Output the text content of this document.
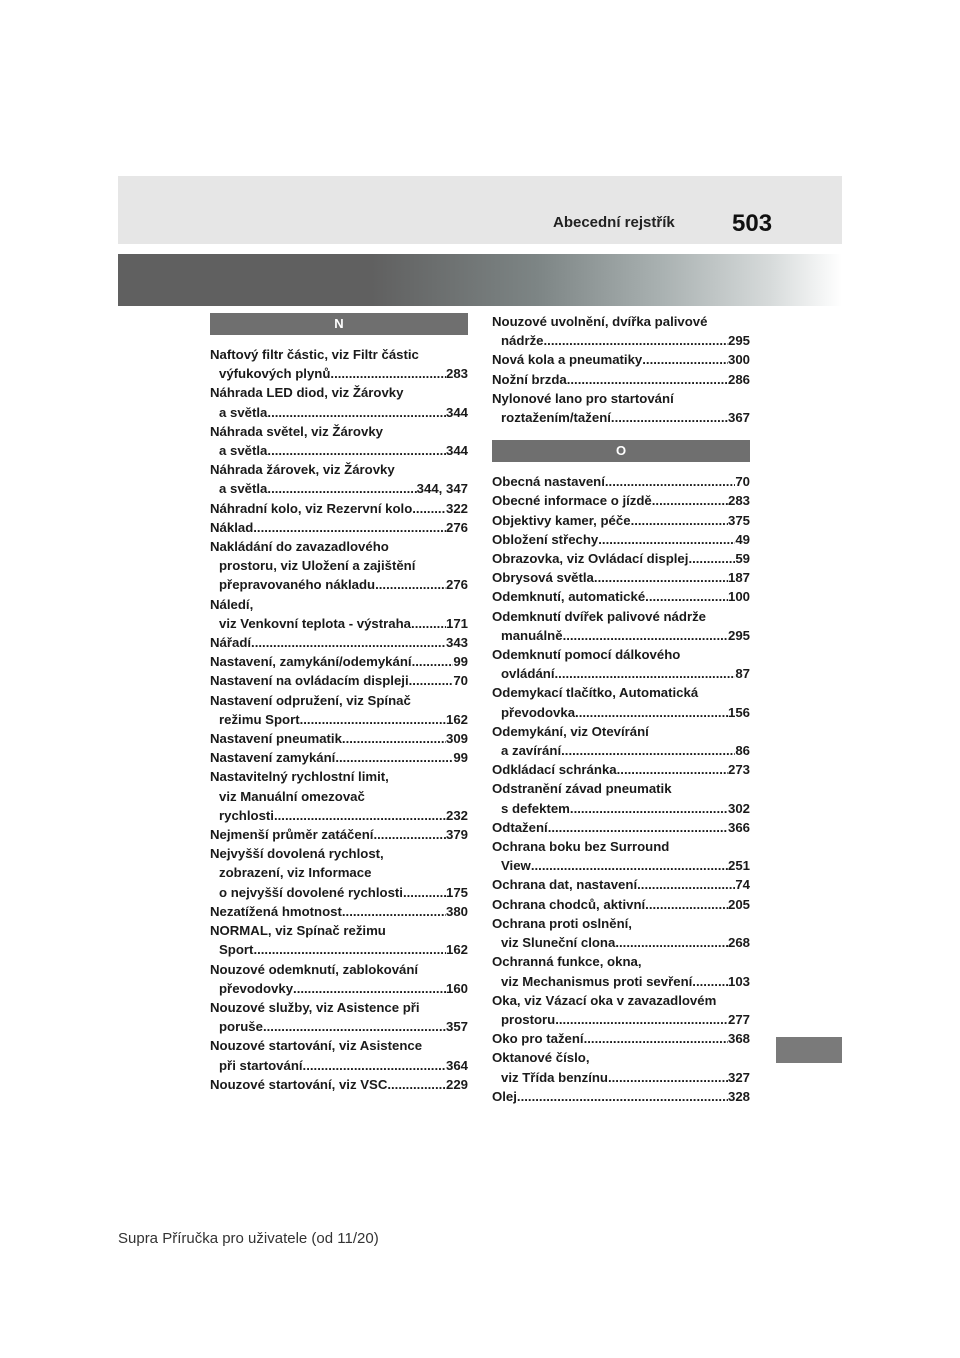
Abecední rejstřík 503
N
Naftový filtr částic, viz Filtr částic
výfukových plynů .....	283
Náhrada LED diod, viz Žárovky
a světla .....	344
Náhrada světel, viz Žárovky
a světla .....	344
Náhrada žárovek, viz Žárovky
a světla .....	344, 347
Náhradní kolo, viz Rezervní kolo .....	322
Náklad .....	276
Nakládání do zavazadlového
prostoru, viz Uložení a zajištění
přepravovaného nákladu .....	276
Náledí,
viz Venkovní teplota - výstraha .....	171
Nářadí .....	343
Nastavení, zamykání/odemykání .....	99
Nastavení na ovládacím displeji .....	70
Nastavení odpružení, viz Spínač
režimu Sport .....	162
Nastavení pneumatik .....	309
Nastavení zamykání .....	99
Nastavitelný rychlostní limit,
viz Manuální omezovač
rychlosti .....	232
Nejmenší průměr zatáčení .....	379
Nejvyšší dovolená rychlost,
zobrazení, viz Informace
o nejvyšší dovolené rychlosti .....	175
Nezatížená hmotnost .....	380
NORMAL, viz Spínač režimu
Sport .....	162
Nouzové odemknutí, zablokování
převodovky .....	160
Nouzové služby, viz Asistence při
poruše .....	357
Nouzové startování, viz Asistence
při startování .....	364
Nouzové startování, viz VSC .....	229
Nouzové uvolnění, dvířka palivové
nádrže .....	295
Nová kola a pneumatiky .....	300
Nožní brzda .....	286
Nylonové lano pro startování
roztažením/tažení .....	367
O
Obecná nastavení .....	70
Obecné informace o jízdě .....	283
Objektivy kamer, péče .....	375
Obložení střechy .....	49
Obrazovka, viz Ovládací displej .....	59
Obrysová světla .....	187
Odemknutí, automatické .....	100
Odemknutí dvířek palivové nádrže
manuálně .....	295
Odemknutí pomocí dálkového
ovládání .....	87
Odemykací tlačítko, Automatická
převodovka .....	156
Odemykání, viz Otevírání
a zavírání .....	86
Odkládací schránka .....	273
Odstranění závad pneumatik
s defektem .....	302
Odtažení .....	366
Ochrana boku bez Surround
View .....	251
Ochrana dat, nastavení .....	74
Ochrana chodců, aktivní .....	205
Ochrana proti oslnění,
viz Sluneční clona .....	268
Ochranná funkce, okna,
viz Mechanismus proti sevření .....	103
Oka, viz Vázací oka v zavazadlovém
prostoru .....	277
Oko pro tažení .....	368
Oktanové číslo,
viz Třída benzínu .....	327
Olej .....	328
Supra Příručka pro uživatele (od 11/20)
